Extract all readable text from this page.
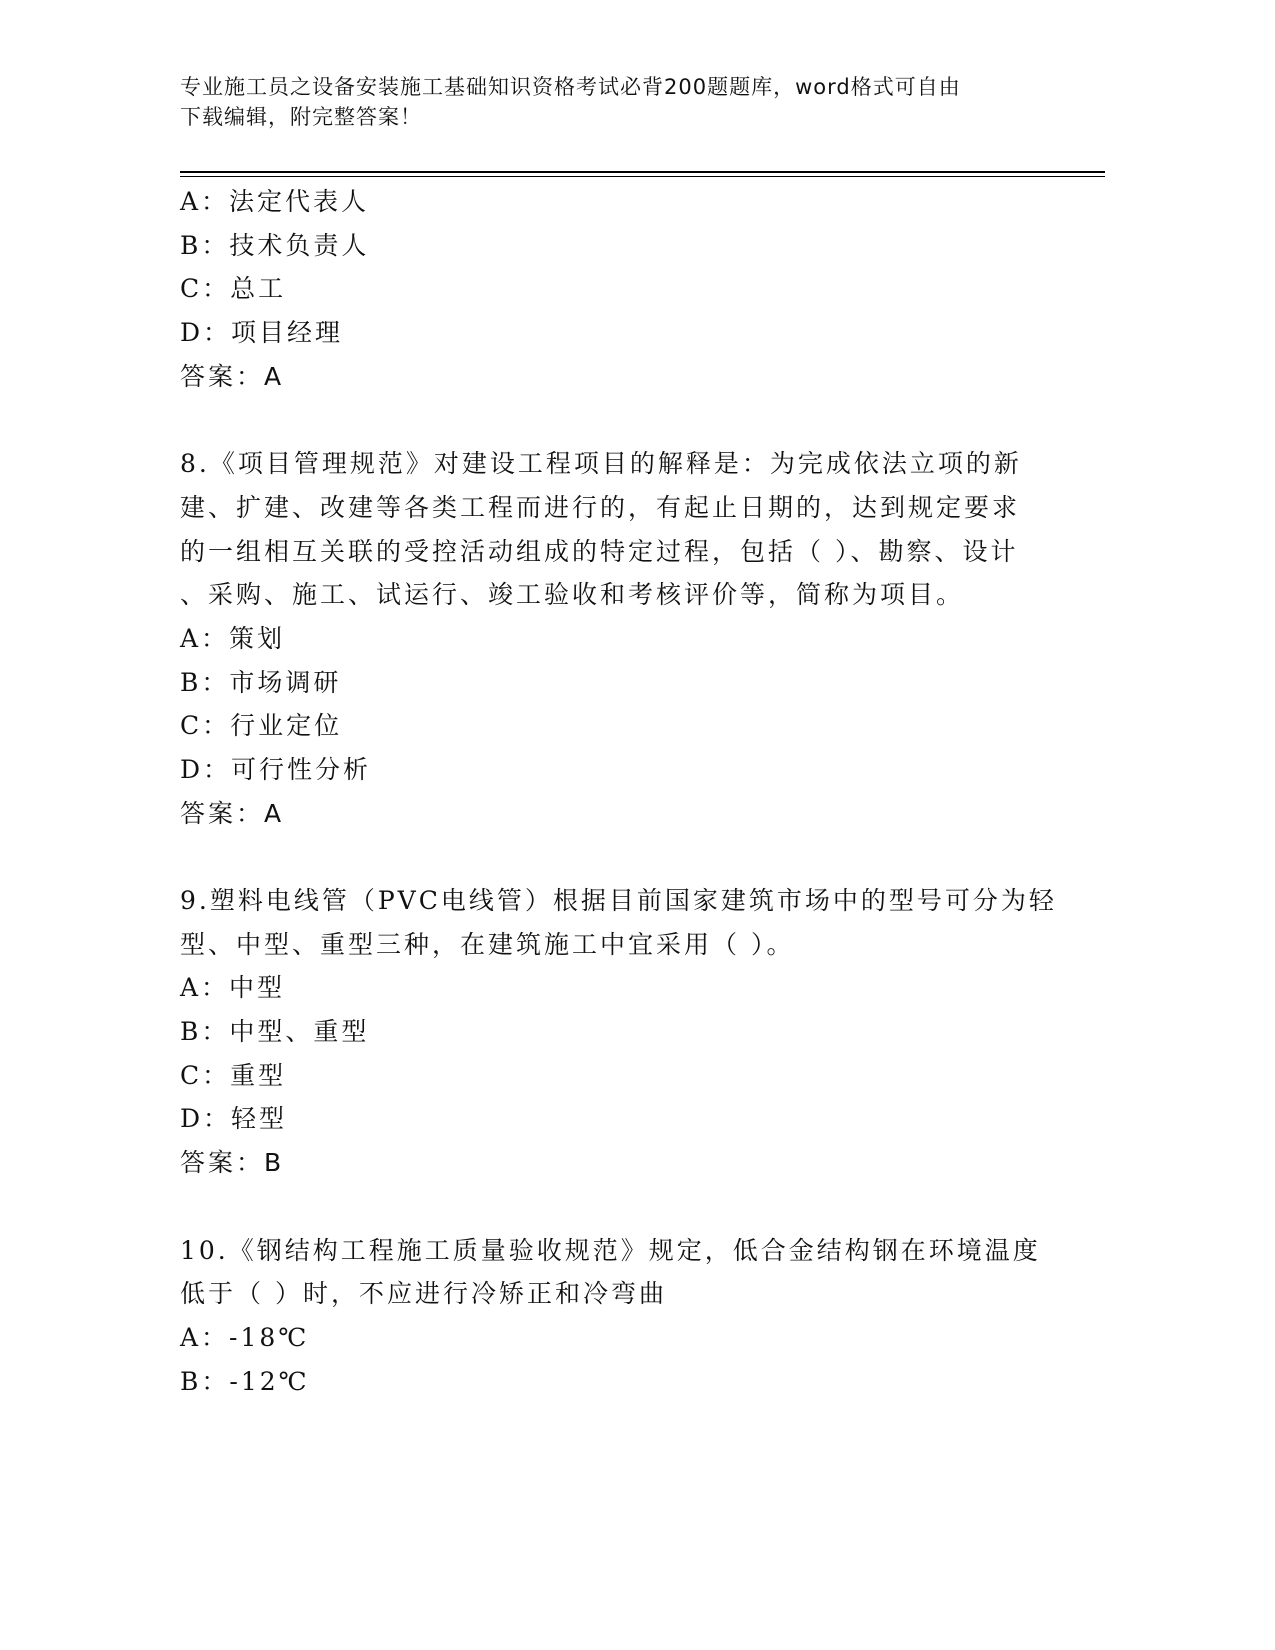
专业施工员之设备安装施工基础知识资格考试必背200题题库，word格式可自由
下载编辑，附完整答案！
A：法定代表人
B：技术负责人
C：总工
D：项目经理
答案：A
8.《项目管理规范》对建设工程项目的解释是：为完成依法立项的新
建、扩建、改建等各类工程而进行的，有起止日期的，达到规定要求
的一组相互关联的受控活动组成的特定过程，包括（ ）、勘察、设计
、采购、施工、试运行、竣工验收和考核评价等，简称为项目。
A：策划
B：市场调研
C：行业定位
D：可行性分析
答案：A
9.塑料电线管（PVC电线管）根据目前国家建筑市场中的型号可分为轻
型、中型、重型三种，在建筑施工中宜采用（ ）。
A：中型
B：中型、重型
C：重型
D：轻型
答案：B
10.《钢结构工程施工质量验收规范》规定，低合金结构钢在环境温度
低于（ ）时，不应进行冷矫正和冷弯曲
A：-18℃
B：-12℃
